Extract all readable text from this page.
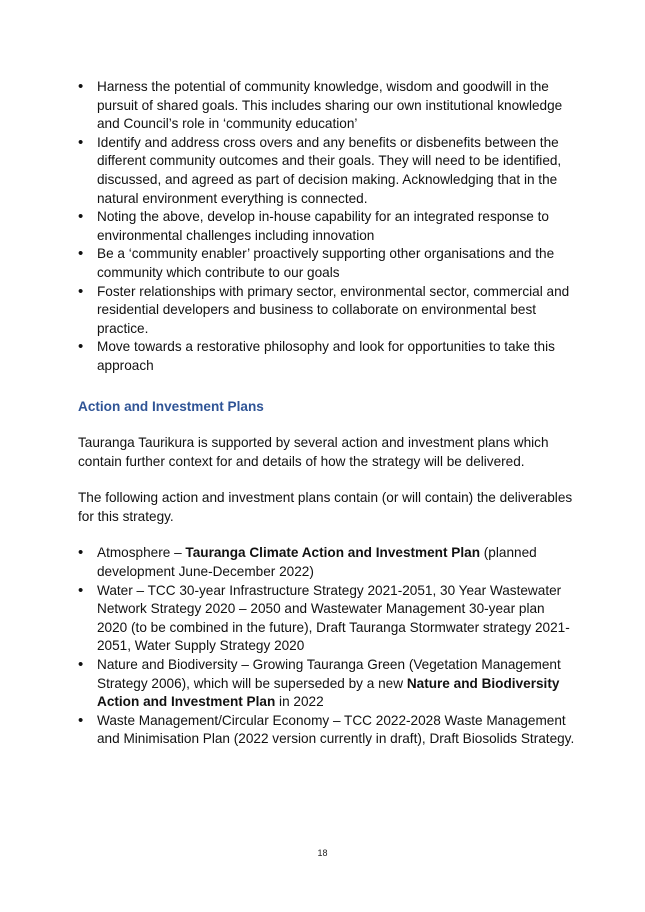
• Harness the potential of community knowledge, wisdom and goodwill in the pursuit of shared goals. This includes sharing our own institutional knowledge and Council’s role in ‘community education’
• Identify and address cross overs and any benefits or disbenefits between the different community outcomes and their goals. They will need to be identified, discussed, and agreed as part of decision making. Acknowledging that in the natural environment everything is connected.
• Noting the above, develop in-house capability for an integrated response to environmental challenges including innovation
• Be a ‘community enabler’ proactively supporting other organisations and the community which contribute to our goals
• Foster relationships with primary sector, environmental sector, commercial and residential developers and business to collaborate on environmental best practice.
• Move towards a restorative philosophy and look for opportunities to take this approach
Action and Investment Plans

Tauranga Taurikura is supported by several action and investment plans which contain further context for and details of how the strategy will be delivered.

The following action and investment plans contain (or will contain) the deliverables for this strategy.

• Atmosphere – Tauranga Climate Action and Investment Plan (planned development June-December 2022)
• Water – TCC 30-year Infrastructure Strategy 2021-2051, 30 Year Wastewater Network Strategy 2020 – 2050 and Wastewater Management 30-year plan 2020 (to be combined in the future), Draft Tauranga Stormwater strategy 2021-2051, Water Supply Strategy 2020
• Nature and Biodiversity – Growing Tauranga Green (Vegetation Management Strategy 2006), which will be superseded by a new Nature and Biodiversity Action and Investment Plan in 2022
• Waste Management/Circular Economy – TCC 2022-2028 Waste Management and Minimisation Plan (2022 version currently in draft), Draft Biosolids Strategy.
18
